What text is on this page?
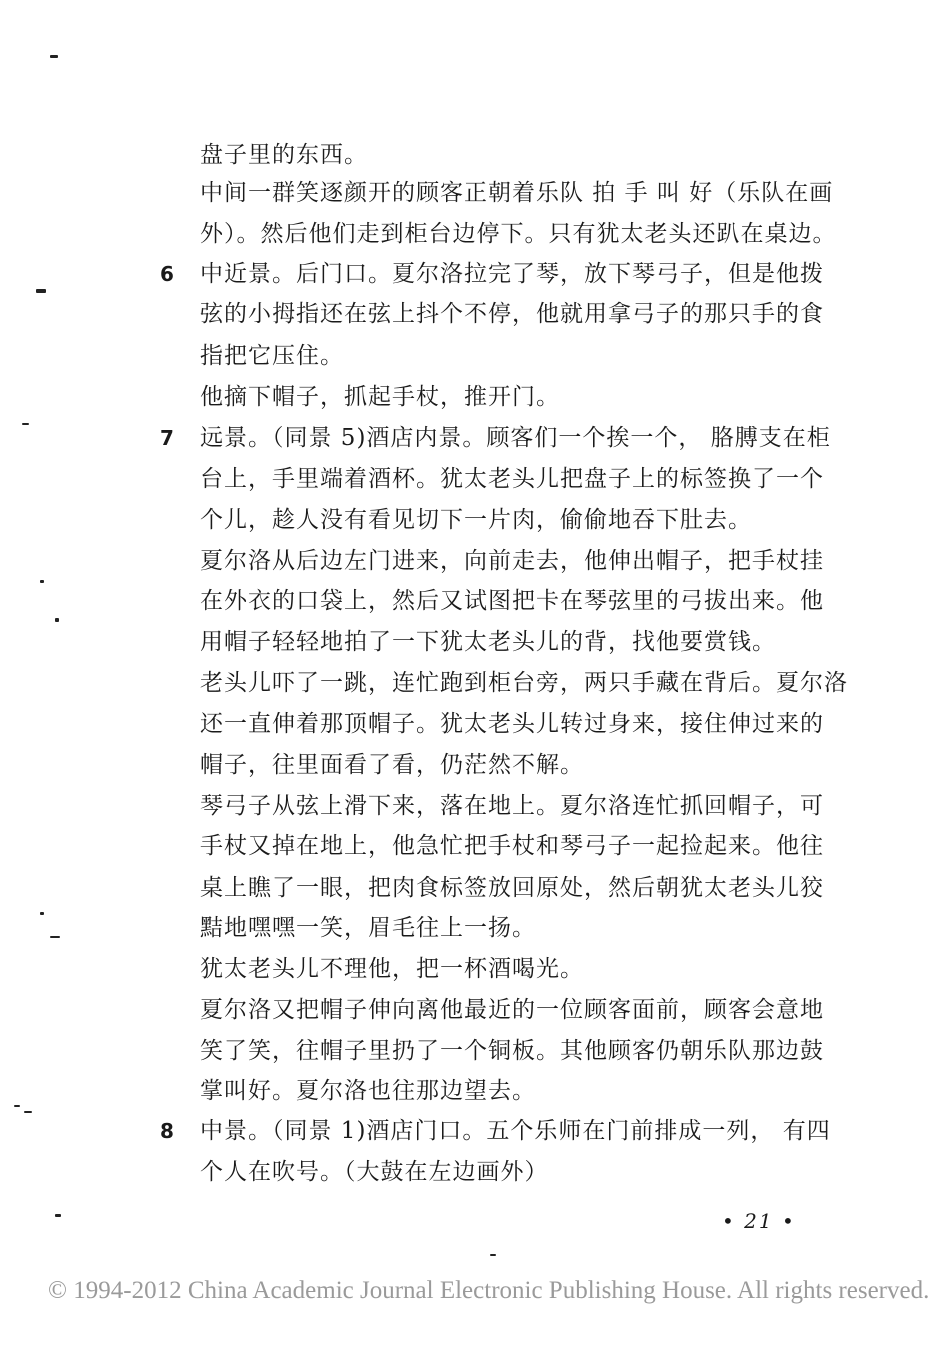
6
7
8
盘子里的东西。
中间一群笑逐颜开的顾客正朝着乐队 拍 手 叫 好（乐队在画
外）。然后他们走到柜台边停下。只有犹太老头还趴在桌边。
中近景。后门口。夏尔洛拉完了琴，放下琴弓子，但是他拨
弦的小拇指还在弦上抖个不停，他就用拿弓子的那只手的食
指把它压住。
他摘下帽子，抓起手杖，推开门。
远景。（同景 5)酒店内景。顾客们一个挨一个， 胳膊支在柜
台上，手里端着酒杯。犹太老头儿把盘子上的标签换了一个
个儿，趁人没有看见切下一片肉，偷偷地吞下肚去。
夏尔洛从后边左门进来，向前走去，他伸出帽子，把手杖挂
在外衣的口袋上，然后又试图把卡在琴弦里的弓拔出来。他
用帽子轻轻地拍了一下犹太老头儿的背，找他要赏钱。
老头儿吓了一跳，连忙跑到柜台旁，两只手藏在背后。夏尔洛
还一直伸着那顶帽子。犹太老头儿转过身来，接住伸过来的
帽子，往里面看了看，仍茫然不解。
琴弓子从弦上滑下来，落在地上。夏尔洛连忙抓回帽子，可
手杖又掉在地上，他急忙把手杖和琴弓子一起捡起来。他往
桌上瞧了一眼，把肉食标签放回原处，然后朝犹太老头儿狡
黠地嘿嘿一笑，眉毛往上一扬。
犹太老头儿不理他，把一杯酒喝光。
夏尔洛又把帽子伸向离他最近的一位顾客面前，顾客会意地
笑了笑，往帽子里扔了一个铜板。其他顾客仍朝乐队那边鼓
掌叫好。夏尔洛也往那边望去。
中景。（同景 1)酒店门口。五个乐师在门前排成一列， 有四
个人在吹号。（大鼓在左边画外）
• 21 •
© 1994-2012 China Academic Journal Electronic Publishing House. All rights reserved.
